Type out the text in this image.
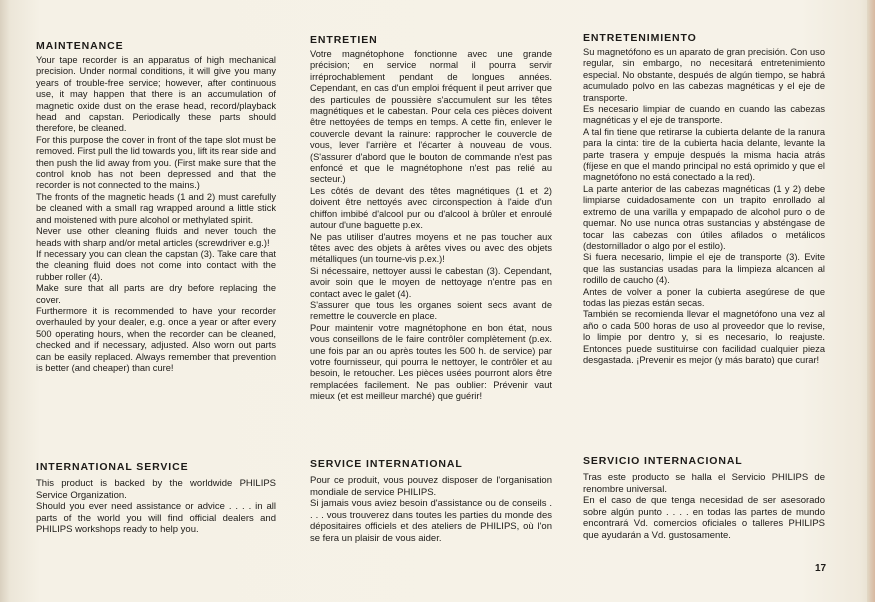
MAINTENANCE

Your tape recorder is an apparatus of high mechanical precision. Under normal conditions, it will give you many years of trouble-free service; however, after continuous use, it may happen that there is an accumulation of magnetic oxide dust on the erase head, record/playback head and capstan. Periodically these parts should therefore, be cleaned.
For this purpose the cover in front of the tape slot must be removed. First pull the lid towards you, lift its rear side and then push the lid away from you. (First make sure that the control knob has not been depressed and that the recorder is not connected to the mains.)
The fronts of the magnetic heads (1 and 2) must carefully be cleaned with a small rag wrapped around a little stick and moistened with pure alcohol or methylated spirit.
Never use other cleaning fluids and never touch the heads with sharp and/or metal articles (screwdriver e.g.)!
If necessary you can clean the capstan (3). Take care that the cleaning fluid does not come into contact with the rubber roller (4).
Make sure that all parts are dry before replacing the cover.
Furthermore it is recommended to have your recorder overhauled by your dealer, e.g. once a year or after every 500 operating hours, when the recorder can be cleaned, checked and if necessary, adjusted. Also worn out parts can be easily replaced. Always remember that prevention is better (and cheaper) than cure!

ENTRETIEN

Votre magnétophone fonctionne avec une grande précision; en service normal il pourra servir irréprochablement pendant de longues années. Cependant, en cas d'un emploi fréquent il peut arriver que des particules de poussière s'accumulent sur les têtes magnétiques et le cabestan. Pour cela ces pièces doivent être nettoyées de temps en temps. A cette fin, enlever le couvercle devant la rainure: rapprocher le couvercle de vous, lever l'arrière et l'écarter à nouveau de vous. (S'assurer d'abord que le bouton de commande n'est pas enfoncé et que le magnétophone n'est pas relié au secteur.)
Les côtés de devant des têtes magnétiques (1 et 2) doivent être nettoyés avec circonspection à l'aide d'un chiffon imbibé d'alcool pur ou d'alcool à brûler et enroulé autour d'une baguette p.ex.
Ne pas utiliser d'autres moyens et ne pas toucher aux têtes avec des objets à arêtes vives ou avec des objets métalliques (un tourne-vis p.ex.)!
Si nécessaire, nettoyer aussi le cabestan (3). Cependant, avoir soin que le moyen de nettoyage n'entre pas en contact avec le galet (4).
S'assurer que tous les organes soient secs avant de remettre le couvercle en place.
Pour maintenir votre magnétophone en bon état, nous vous conseillons de le faire contrôler complètement (p.ex. une fois par an ou après toutes les 500 h. de service) par votre fournisseur, qui pourra le nettoyer, le contrôler et au besoin, le retoucher. Les pièces usées pourront alors être remplacées facilement. Ne pas oublier: Prévenir vaut mieux (et est meilleur marché) que guérir!

ENTRETENIMIENTO

Su magnetófono es un aparato de gran precisión. Con uso regular, sin embargo, no necesitará entretenimiento especial. No obstante, después de algún tiempo, se habrá acumulado polvo en las cabezas magnéticas y el eje de transporte.
Es necesario limpiar de cuando en cuando las cabezas magnéticas y el eje de transporte.
A tal fin tiene que retirarse la cubierta delante de la ranura para la cinta: tire de la cubierta hacia delante, levante la parte trasera y empuje después la misma hacia atrás (fíjese en que el mando principal no está oprimido y que el magnetófono no está conectado a la red).
La parte anterior de las cabezas magnéticas (1 y 2) debe limpiarse cuidadosamente con un trapito enrollado al extremo de una varilla y empapado de alcohol puro o de quemar. No use nunca otras sustancias y absténgase de tocar las cabezas con útiles afilados o metálicos (destornillador o algo por el estilo).
Si fuera necesario, limpie el eje de transporte (3). Evite que las sustancias usadas para la limpieza alcancen al rodillo de caucho (4).
Antes de volver a poner la cubierta asegúrese de que todas las piezas están secas.
También se recomienda llevar el magnetófono una vez al año o cada 500 horas de uso al proveedor que lo revise, lo limpie por dentro y, si es necesario, lo reajuste. Entonces puede sustituirse con facilidad cualquier pieza desgastada. ¡Prevenir es mejor (y más barato) que curar!

INTERNATIONAL SERVICE

This product is backed by the worldwide PHILIPS Service Organization.
Should you ever need assistance or advice . . . . in all parts of the world you will find official dealers and PHILIPS workshops ready to help you.

SERVICE INTERNATIONAL

Pour ce produit, vous pouvez disposer de l'organisation mondiale de service PHILIPS.
Si jamais vous aviez besoin d'assistance ou de conseils . . . . vous trouverez dans toutes les parties du monde des dépositaires officiels et des ateliers de PHILIPS, où l'on se fera un plaisir de vous aider.

SERVICIO INTERNACIONAL

Tras este producto se halla el Servicio PHILIPS de renombre universal.
En el caso de que tenga necesidad de ser asesorado sobre algún punto . . . . en todas las partes de mundo encontrará Vd. comercios oficiales o talleres PHILIPS que ayudarán a Vd. gustosamente.

17
